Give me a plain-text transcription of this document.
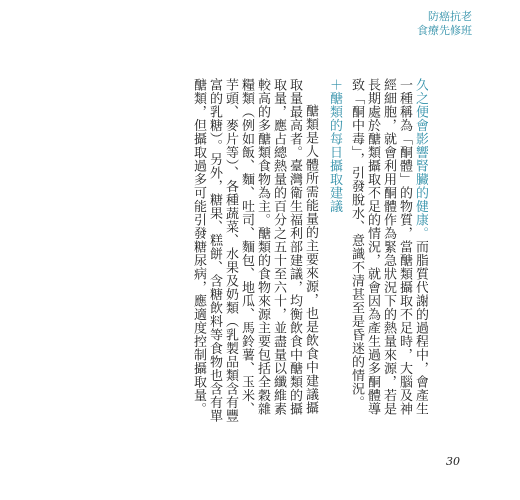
防癌抗老
食療先修班

久之便會影響腎臟的健康。而脂質代謝的過程中，會產生一種稱為「酮體」的物質，當醣類攝取不足時，大腦及神經細胞，就會利用酮體作為緊急狀況下的熱量來源，若是長期處於醣類攝取不足的情況，就會因為產生過多酮體導致「酮中毒」，引發脫水、意識不清甚至是昏迷的情況。

＋醣類的每日攝取建議

醣類是人體所需能量的主要來源，也是飲食中建議攝取量最高者。臺灣衛生福利部建議，均衡飲食中醣類的攝取量，應占總熱量的百分之五十至六十，並盡量以纖維素較高的多醣類食物為主。醣類的食物來源主要包括全穀雜糧類（例如飯、麵、吐司、麵包、地瓜、馬鈴薯、玉米、芋頭、麥片等）、各種蔬菜、水果及奶類（乳製品類含有豐富的乳糖）。另外，糖果、糕餅、含糖飲料等食物也含有單醣類，但攝取過多可能引發糖尿病，應適度控制攝取量。

30
